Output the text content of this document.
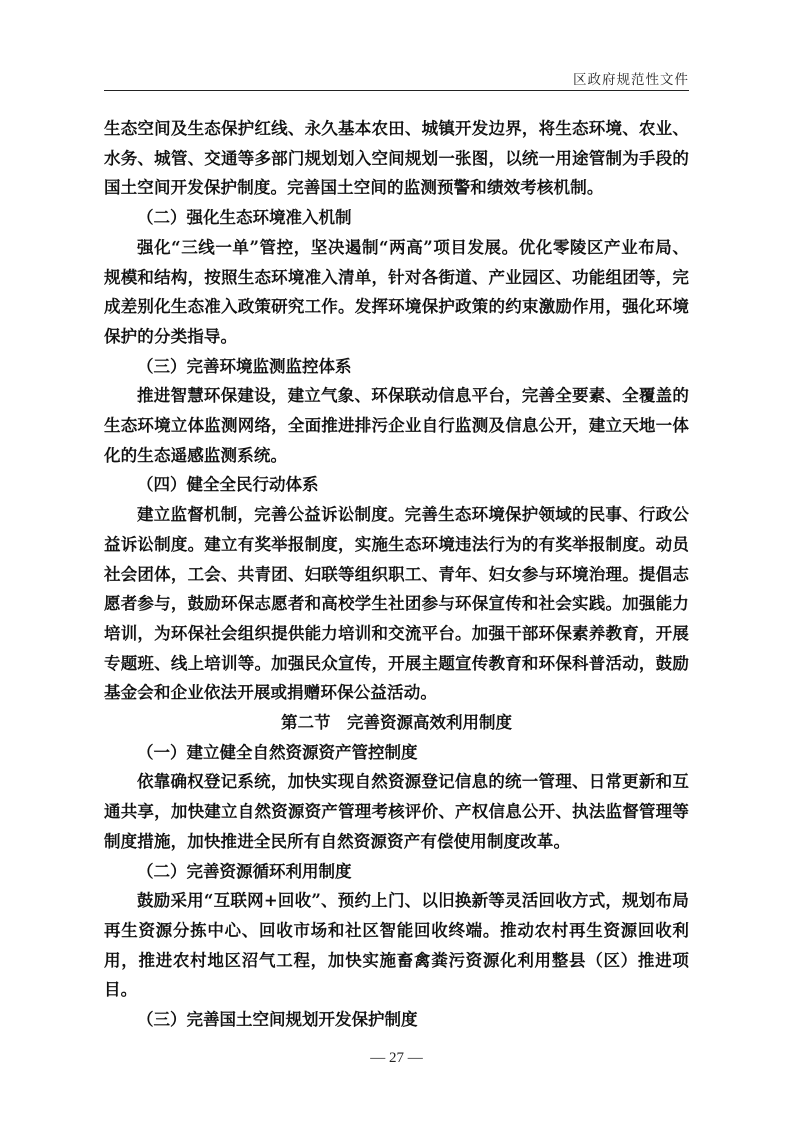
区政府规范性文件

生态空间及生态保护红线、永久基本农田、城镇开发边界，将生态环境、农业、水务、城管、交通等多部门规划划入空间规划一张图，以统一用途管制为手段的国土空间开发保护制度。完善国土空间的监测预警和绩效考核机制。

（二）强化生态环境准入机制

强化“三线一单”管控，坚决遏制“两高”项目发展。优化零陵区产业布局、规模和结构，按照生态环境准入清单，针对各街道、产业园区、功能组团等，完成差别化生态准入政策研究工作。发挥环境保护政策的约束激励作用，强化环境保护的分类指导。

（三）完善环境监测监控体系

推进智慧环保建设，建立气象、环保联动信息平台，完善全要素、全覆盖的生态环境立体监测网络，全面推进排污企业自行监测及信息公开，建立天地一体化的生态遥感监测系统。

（四）健全全民行动体系

建立监督机制，完善公益诉讼制度。完善生态环境保护领域的民事、行政公益诉讼制度。建立有奖举报制度，实施生态环境违法行为的有奖举报制度。动员社会团体，工会、共青团、妇联等组织职工、青年、妇女参与环境治理。提倡志愿者参与，鼓励环保志愿者和高校学生社团参与环保宣传和社会实践。加强能力培训，为环保社会组织提供能力培训和交流平台。加强干部环保素养教育，开展专题班、线上培训等。加强民众宣传，开展主题宣传教育和环保科普活动，鼓励基金会和企业依法开展或捐赠环保公益活动。

第二节　完善资源高效利用制度

（一）建立健全自然资源资产管控制度

依靠确权登记系统，加快实现自然资源登记信息的统一管理、日常更新和互通共享，加快建立自然资源资产管理考核评价、产权信息公开、执法监督管理等制度措施，加快推进全民所有自然资源资产有偿使用制度改革。

（二）完善资源循环利用制度

鼓励采用“互联网+回收”、预约上门、以旧换新等灵活回收方式，规划布局再生资源分拣中心、回收市场和社区智能回收终端。推动农村再生资源回收利用，推进农村地区沼气工程，加快实施畜禽粪污资源化利用整县（区）推进项目。

（三）完善国土空间规划开发保护制度

— 27 —
